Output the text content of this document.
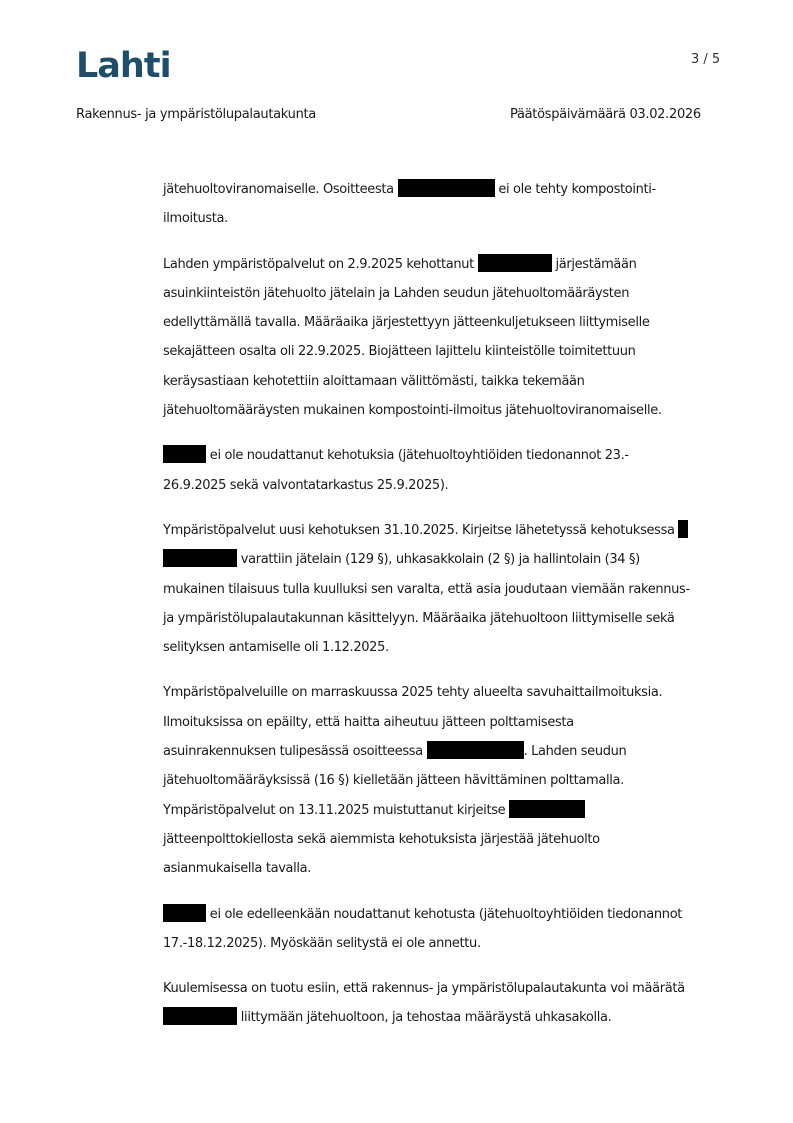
Lahti	3 / 5
Rakennus- ja ympäristölupalautakunta	Päätöspäivämäärä 03.02.2026
jätehuoltoviranomaiselle. Osoitteesta	ei ole tehty kompostointi-
ilmoitusta.
Lahden ympäristöpalvelut on 2.9.2025 kehottanut	järjestämään
asuinkiinteistön jätehuolto jätelain ja Lahden seudun jätehuoltomääräysten
edellyttämällä tavalla. Määräaika järjestettyyn jätteenkuljetukseen liittymiselle
sekajätteen osalta oli 22.9.2025. Biojätteen lajittelu kiinteistölle toimitettuun
keräysastiaan kehotettiin aloittamaan välittömästi, taikka tekemään
jätehuoltomääräysten mukainen kompostointi-ilmoitus jätehuoltoviranomaiselle.
ei ole noudattanut kehotuksia (jätehuoltoyhtiöiden tiedonannot 23.-
26.9.2025 sekä valvontatarkastus 25.9.2025).
Ympäristöpalvelut uusi kehotuksen 31.10.2025. Kirjeitse lähetetyssä kehotuksessa
varattiin jätelain (129 §), uhkasakkolain (2 §) ja hallintolain (34 §)
mukainen tilaisuus tulla kuulluksi sen varalta, että asia joudutaan viemään rakennus-
ja ympäristölupalautakunnan käsittelyyn. Määräaika jätehuoltoon liittymiselle sekä
selityksen antamiselle oli 1.12.2025.
Ympäristöpalveluille on marraskuussa 2025 tehty alueelta savuhaittailmoituksia.
Ilmoituksissa on epäilty, että haitta aiheutuu jätteen polttamisesta
asuinrakennuksen tulipesässä osoitteessa	. Lahden seudun
jätehuoltomääräyksissä (16 §) kielletään jätteen hävittäminen polttamalla.
Ympäristöpalvelut on 13.11.2025 muistuttanut kirjeitse
jätteenpolttokiellosta sekä aiemmista kehotuksista järjestää jätehuolto
asianmukaisella tavalla.
ei ole edelleenkään noudattanut kehotusta (jätehuoltoyhtiöiden tiedonannot
17.-18.12.2025). Myöskään selitystä ei ole annettu.
Kuulemisessa on tuotu esiin, että rakennus- ja ympäristölupalautakunta voi määrätä
liittymään jätehuoltoon, ja tehostaa määräystä uhkasakolla.
